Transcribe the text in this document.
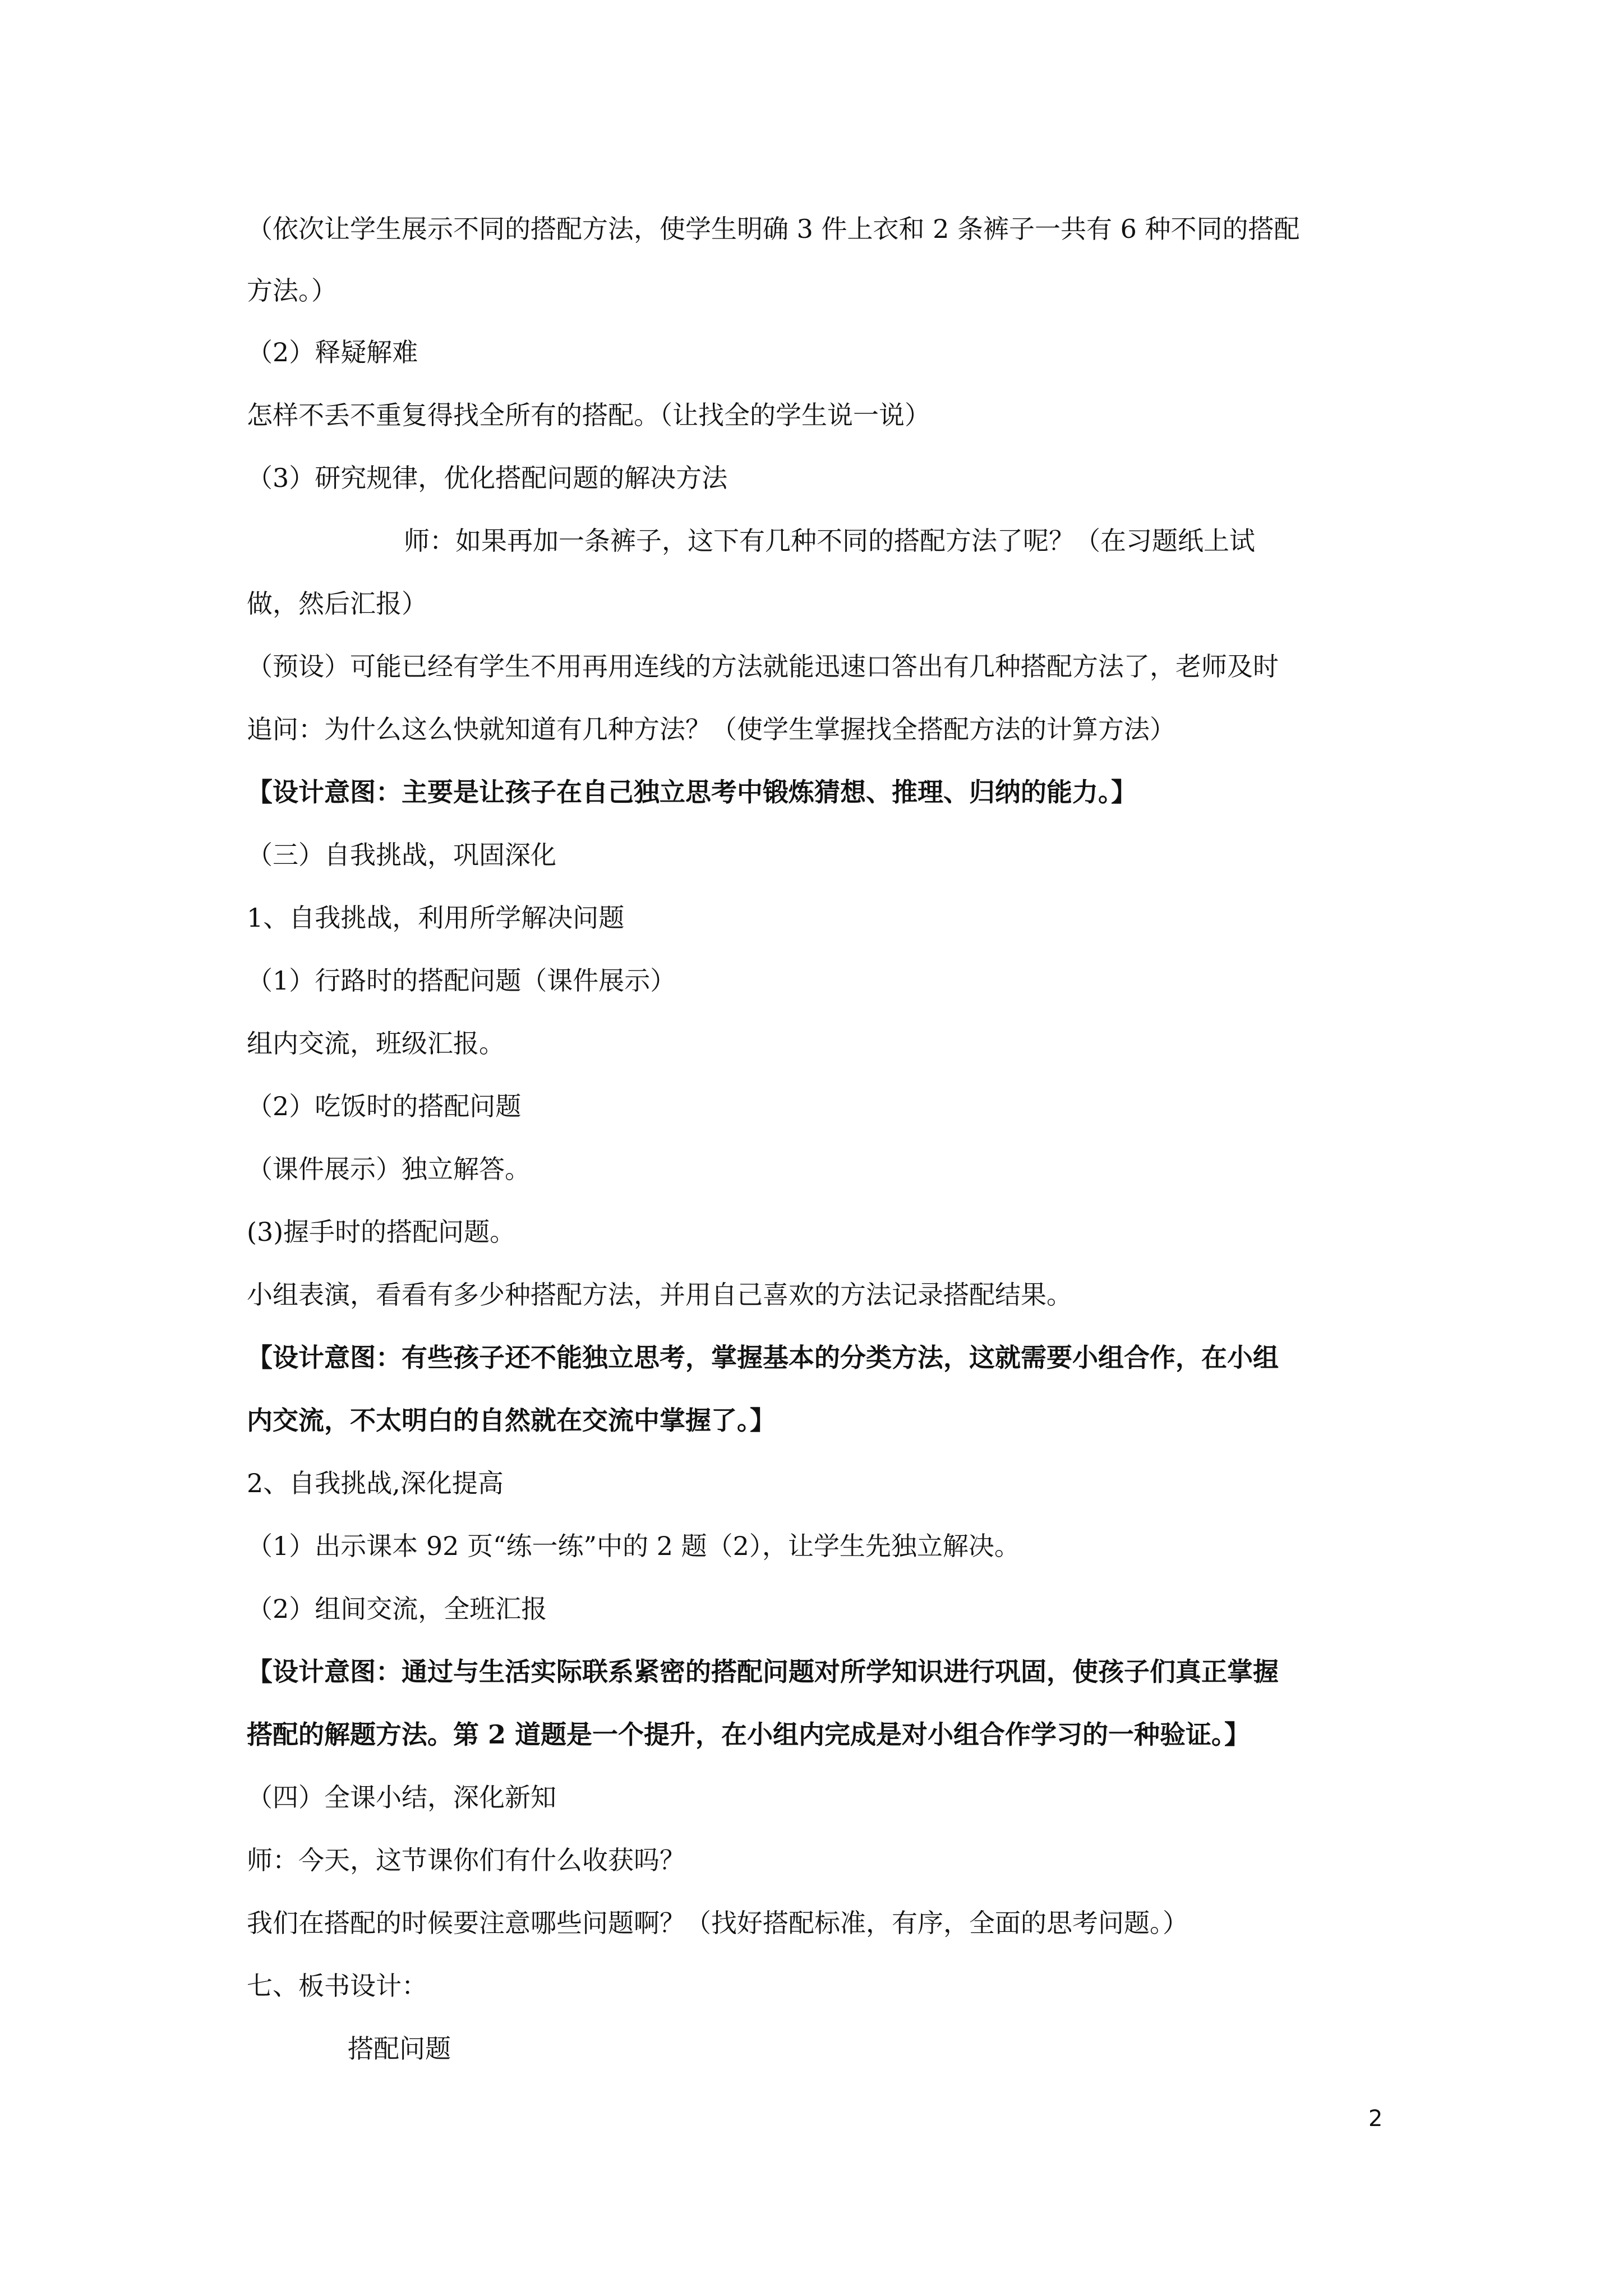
（依次让学生展示不同的搭配方法，使学生明确 3 件上衣和 2 条裤子一共有 6 种不同的搭配
方法。）
（2）释疑解难
怎样不丢不重复得找全所有的搭配。（让找全的学生说一说）
（3）研究规律，优化搭配问题的解决方法
师：如果再加一条裤子，这下有几种不同的搭配方法了呢？（在习题纸上试
做，然后汇报）
（预设）可能已经有学生不用再用连线的方法就能迅速口答出有几种搭配方法了，老师及时
追问：为什么这么快就知道有几种方法？（使学生掌握找全搭配方法的计算方法）
【设计意图：主要是让孩子在自己独立思考中锻炼猜想、推理、归纳的能力。】
（三）自我挑战，巩固深化
1、自我挑战，利用所学解决问题
（1）行路时的搭配问题（课件展示）
组内交流，班级汇报。
（2）吃饭时的搭配问题
（课件展示）独立解答。
(3)握手时的搭配问题。
小组表演，看看有多少种搭配方法，并用自己喜欢的方法记录搭配结果。
【设计意图：有些孩子还不能独立思考，掌握基本的分类方法，这就需要小组合作，在小组
内交流，不太明白的自然就在交流中掌握了。】
2、自我挑战,深化提高
（1）出示课本 92 页“练一练”中的 2 题（2），让学生先独立解决。
（2）组间交流，全班汇报
【设计意图：通过与生活实际联系紧密的搭配问题对所学知识进行巩固，使孩子们真正掌握
搭配的解题方法。第 2 道题是一个提升，在小组内完成是对小组合作学习的一种验证。】
（四）全课小结，深化新知
师：今天，这节课你们有什么收获吗？
我们在搭配的时候要注意哪些问题啊？（找好搭配标准，有序，全面的思考问题。）
七、板书设计：
搭配问题
2
